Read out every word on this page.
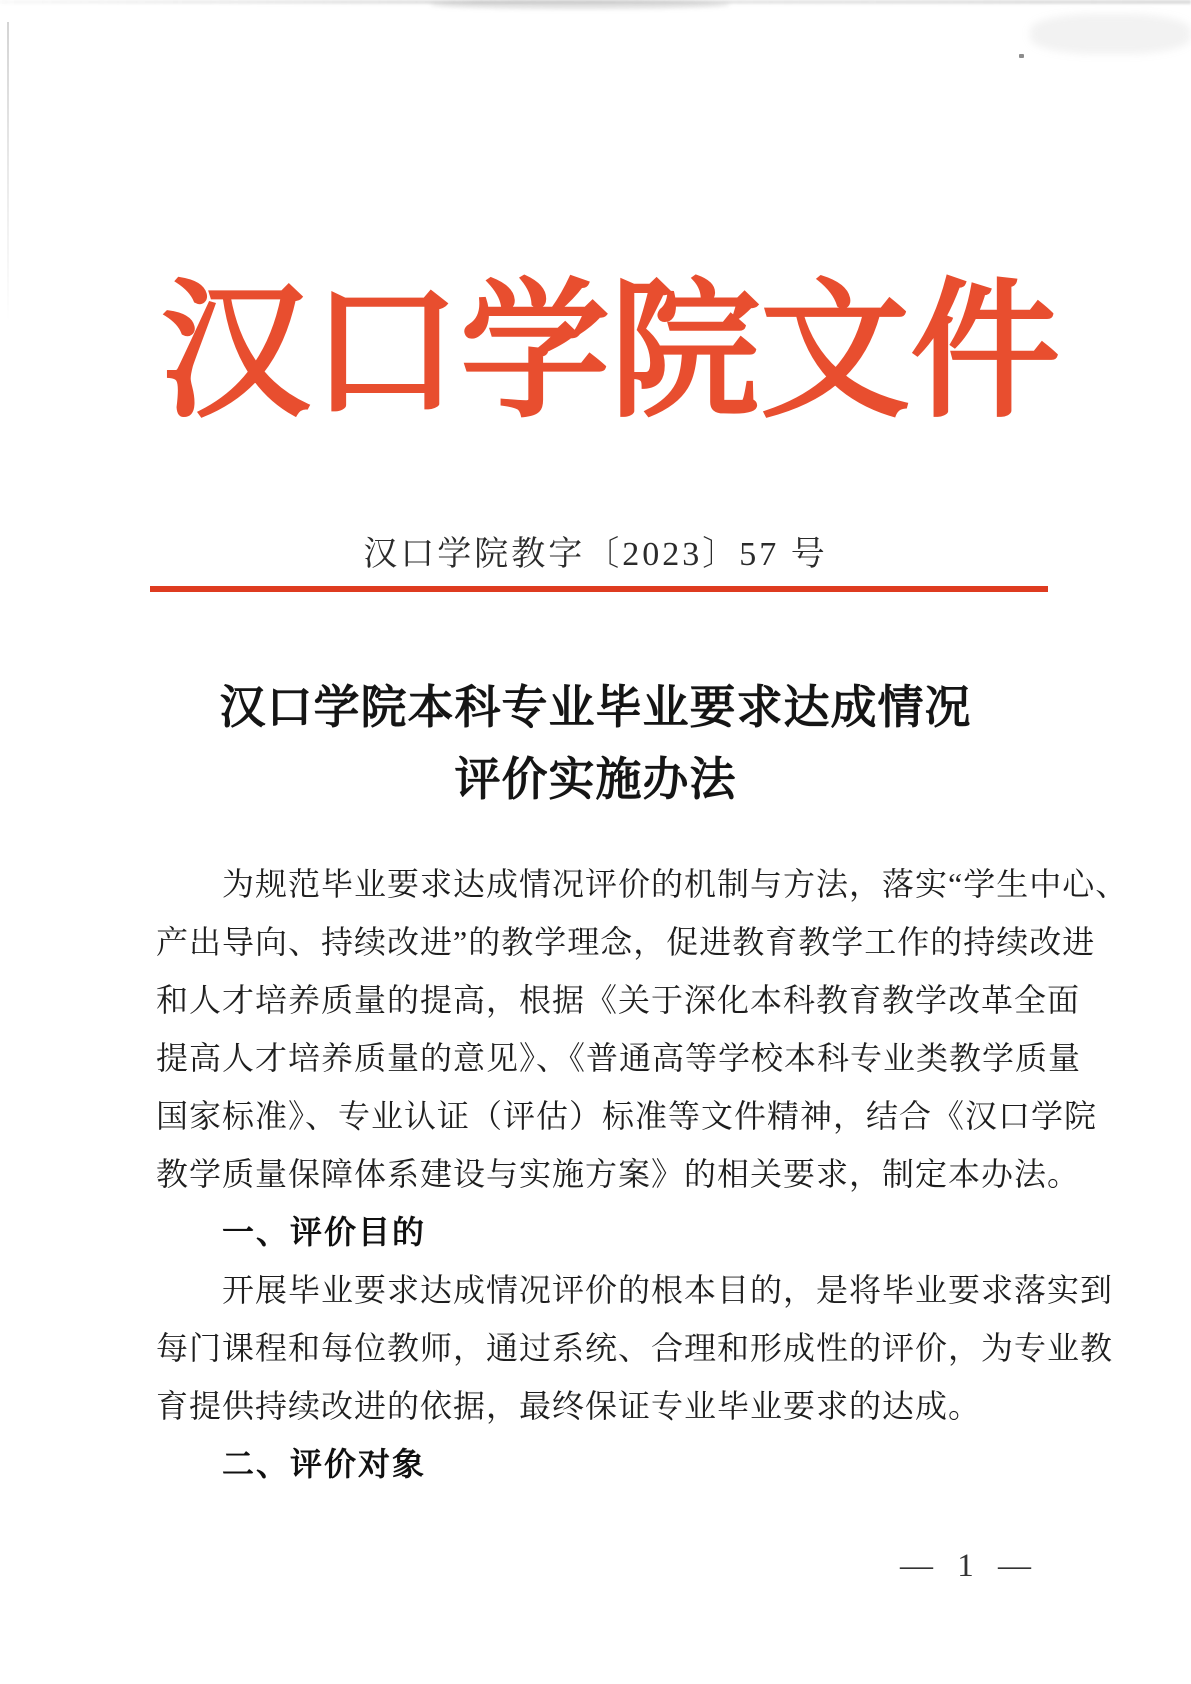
汉 口 学 院 文 件
汉口学院教字〔2023〕57 号
汉口学院本科专业毕业要求达成情况
评价实施办法
为规范毕业要求达成情况评价的机制与方法，落实“学生中心、
产出导向、持续改进”的教学理念，促进教育教学工作的持续改进
和人才培养质量的提高，根据《关于深化本科教育教学改革全面
提高人才培养质量的意见》、《普通高等学校本科专业类教学质量
国家标准》、专业认证（评估）标准等文件精神，结合《汉口学院
教学质量保障体系建设与实施方案》的相关要求，制定本办法。
一、评价目的
开展毕业要求达成情况评价的根本目的，是将毕业要求落实到
每门课程和每位教师，通过系统、合理和形成性的评价，为专业教
育提供持续改进的依据，最终保证专业毕业要求的达成。
二、评价对象
— 1 —
